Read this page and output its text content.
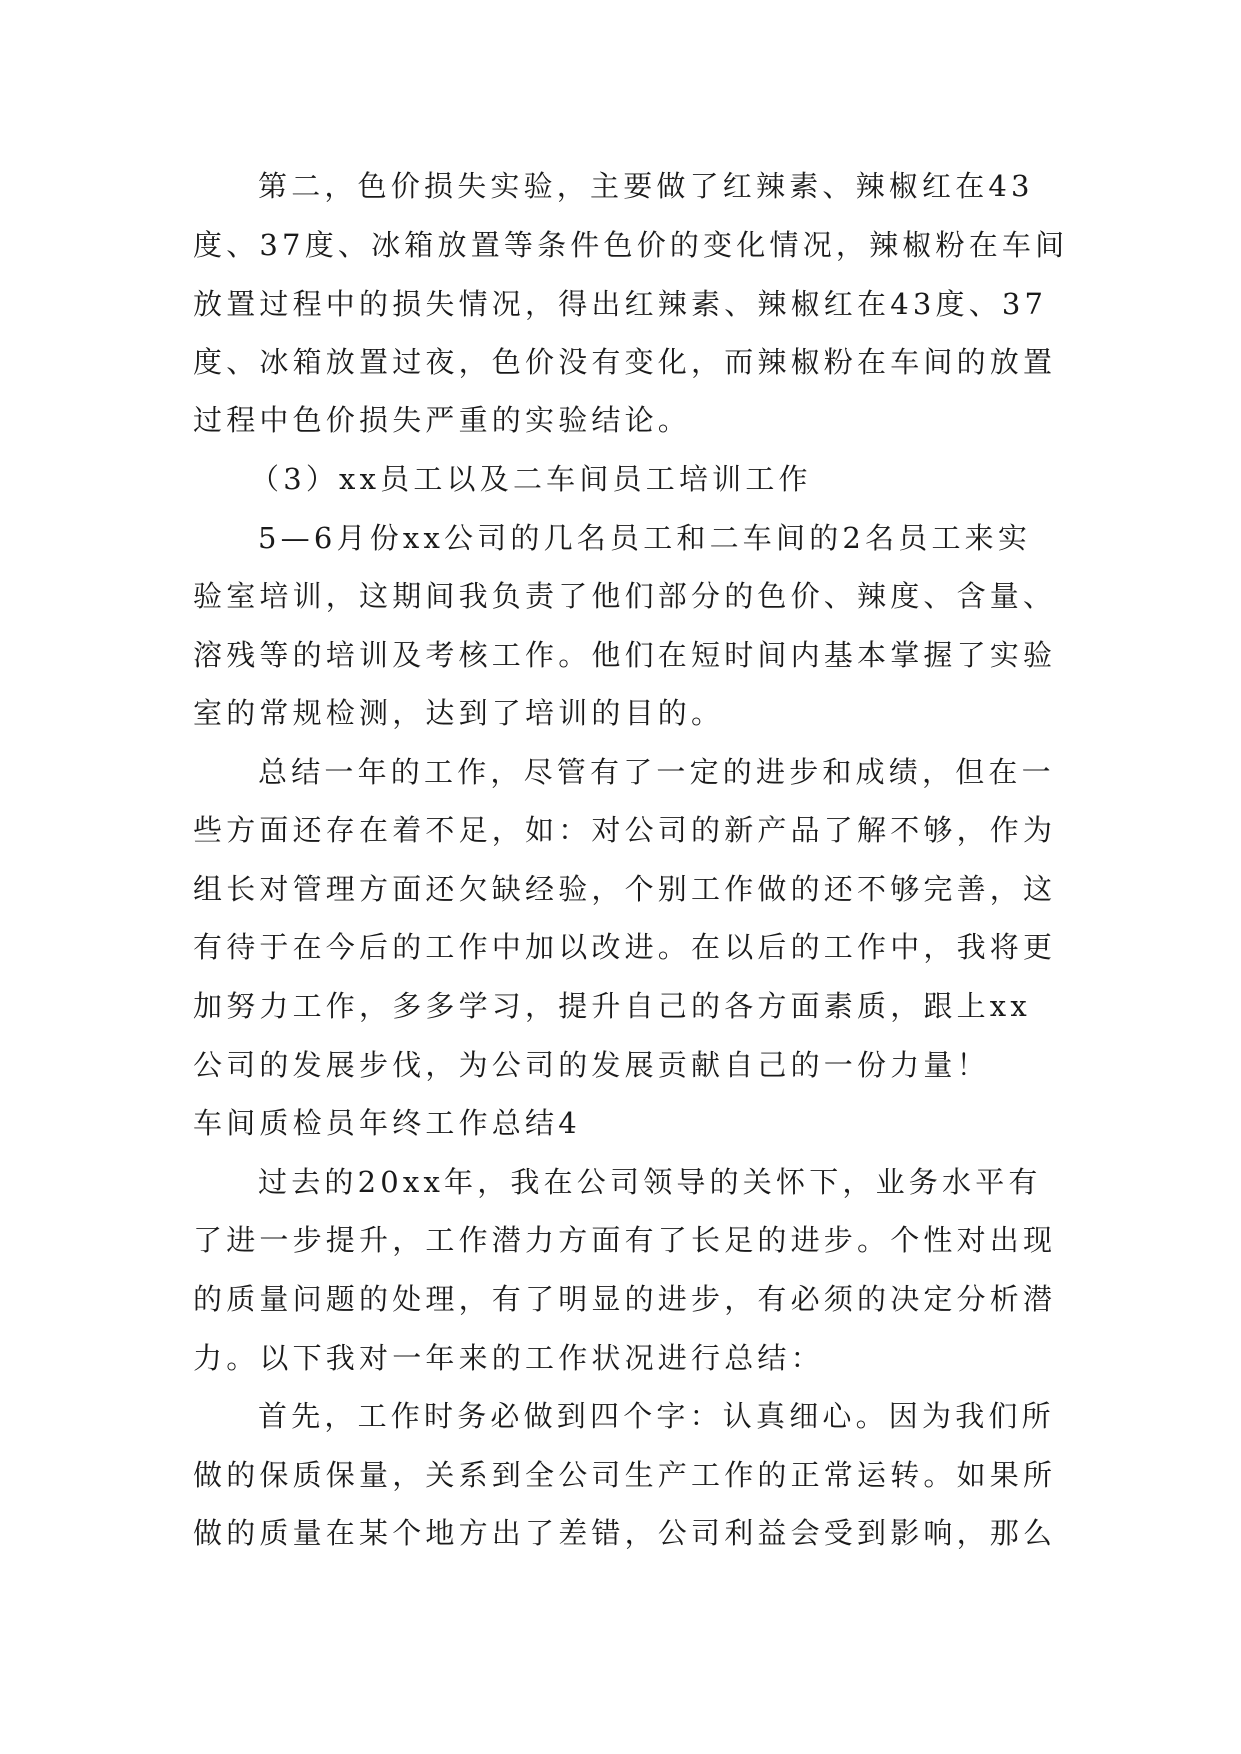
第二，色价损失实验，主要做了红辣素、辣椒红在43
度、37度、冰箱放置等条件色价的变化情况，辣椒粉在车间
放置过程中的损失情况，得出红辣素、辣椒红在43度、37
度、冰箱放置过夜，色价没有变化，而辣椒粉在车间的放置
过程中色价损失严重的实验结论。
（3）xx员工以及二车间员工培训工作
5—6月份xx公司的几名员工和二车间的2名员工来实
验室培训，这期间我负责了他们部分的色价、辣度、含量、
溶残等的培训及考核工作。他们在短时间内基本掌握了实验
室的常规检测，达到了培训的目的。
总结一年的工作，尽管有了一定的进步和成绩，但在一
些方面还存在着不足，如：对公司的新产品了解不够，作为
组长对管理方面还欠缺经验，个别工作做的还不够完善，这
有待于在今后的工作中加以改进。在以后的工作中，我将更
加努力工作，多多学习，提升自己的各方面素质，跟上xx
公司的发展步伐，为公司的发展贡献自己的一份力量！
车间质检员年终工作总结4
过去的20xx年，我在公司领导的关怀下，业务水平有
了进一步提升，工作潜力方面有了长足的进步。个性对出现
的质量问题的处理，有了明显的进步，有必须的决定分析潜
力。以下我对一年来的工作状况进行总结：
首先，工作时务必做到四个字：认真细心。因为我们所
做的保质保量，关系到全公司生产工作的正常运转。如果所
做的质量在某个地方出了差错，公司利益会受到影响，那么
